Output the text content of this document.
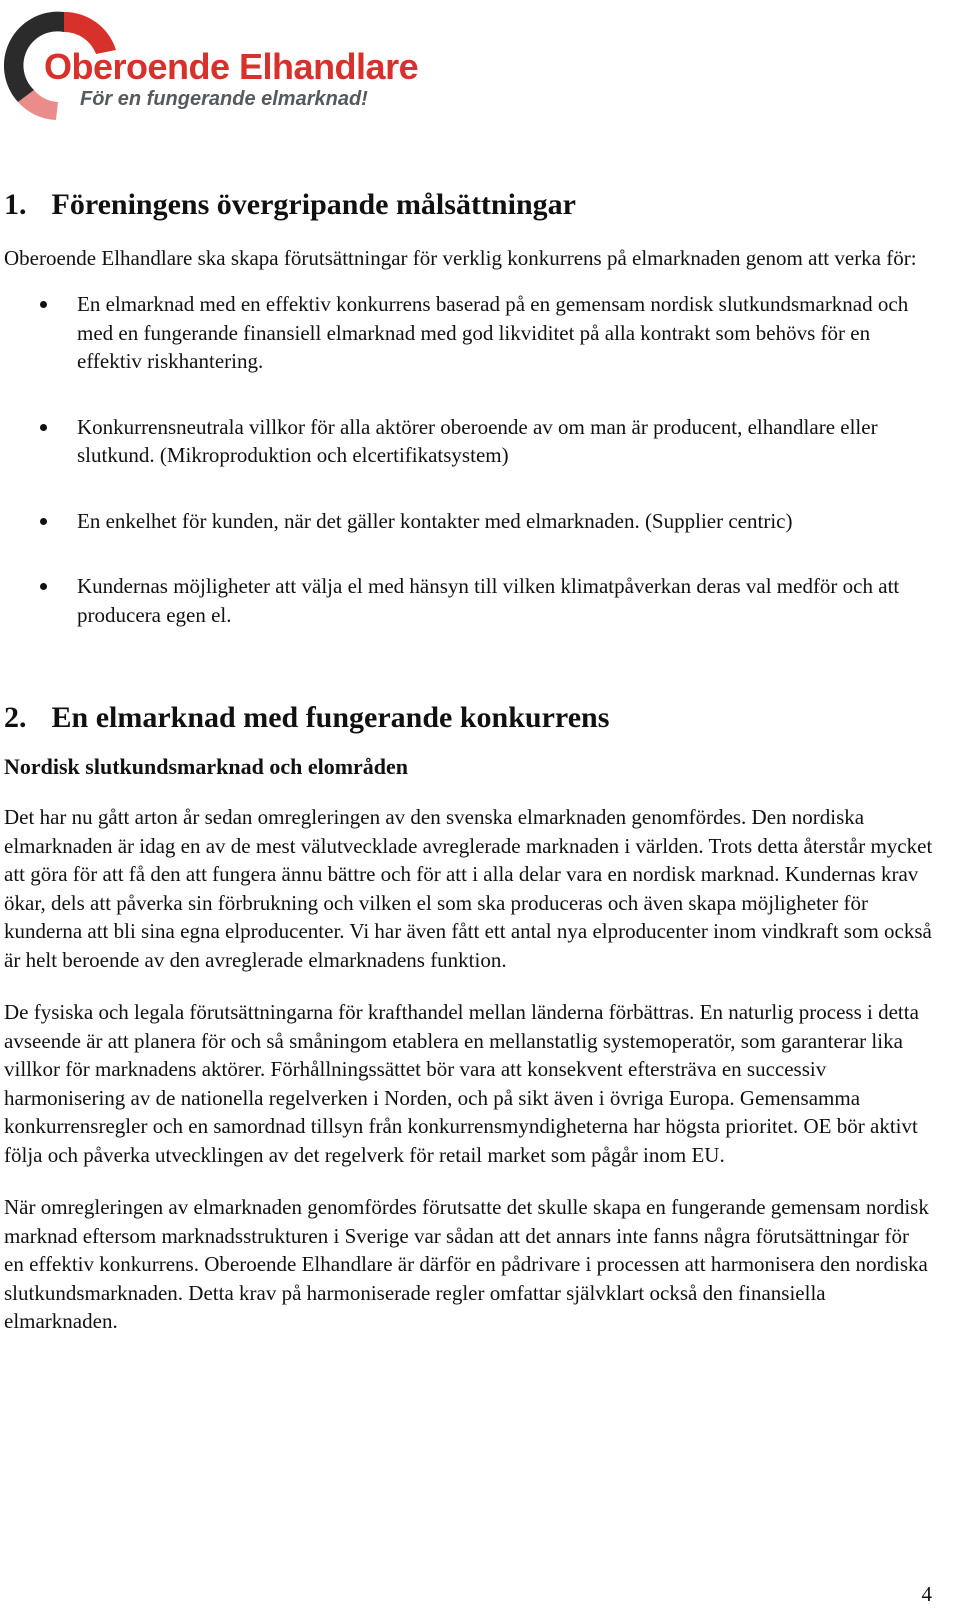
Oberoende Elhandlare
För en fungerande elmarknad!
1. Föreningens övergripande målsättningar

Oberoende Elhandlare ska skapa förutsättningar för verklig konkurrens på elmarknaden genom att verka för:

En elmarknad med en effektiv konkurrens baserad på en gemensam nordisk slutkundsmarknad och med en fungerande finansiell elmarknad med god likviditet på alla kontrakt som behövs för en effektiv riskhantering.
Konkurrensneutrala villkor för alla aktörer oberoende av om man är producent, elhandlare eller slutkund. (Mikroproduktion och elcertifikatsystem)
En enkelhet för kunden, när det gäller kontakter med elmarknaden. (Supplier centric)
Kundernas möjligheter att välja el med hänsyn till vilken klimatpåverkan deras val medför och att producera egen el.
2. En elmarknad med fungerande konkurrens
Nordisk slutkundsmarknad och elområden

Det har nu gått arton år sedan omregleringen av den svenska elmarknaden genomfördes. Den nordiska elmarknaden är idag en av de mest välutvecklade avreglerade marknaden i världen. Trots detta återstår mycket att göra för att få den att fungera ännu bättre och för att i alla delar vara en nordisk marknad. Kundernas krav ökar, dels att påverka sin förbrukning och vilken el som ska produceras och även skapa möjligheter för kunderna att bli sina egna elproducenter. Vi har även fått ett antal nya elproducenter inom vindkraft som också är helt beroende av den avreglerade elmarknadens funktion.

De fysiska och legala förutsättningarna för krafthandel mellan länderna förbättras. En naturlig process i detta avseende är att planera för och så småningom etablera en mellanstatlig systemoperatör, som garanterar lika villkor för marknadens aktörer. Förhållningssättet bör vara att konsekvent eftersträva en successiv harmonisering av de nationella regelverken i Norden, och på sikt även i övriga Europa. Gemensamma konkurrensregler och en samordnad tillsyn från konkurrensmyndigheterna har högsta prioritet. OE bör aktivt följa och påverka utvecklingen av det regelverk för retail market som pågår inom EU.

När omregleringen av elmarknaden genomfördes förutsatte det skulle skapa en fungerande gemensam nordisk marknad eftersom marknadsstrukturen i Sverige var sådan att det annars inte fanns några förutsättningar för en effektiv konkurrens. Oberoende Elhandlare är därför en pådrivare i processen att harmonisera den nordiska slutkundsmarknaden. Detta krav på harmoniserade regler omfattar självklart också den finansiella elmarknaden.

4
